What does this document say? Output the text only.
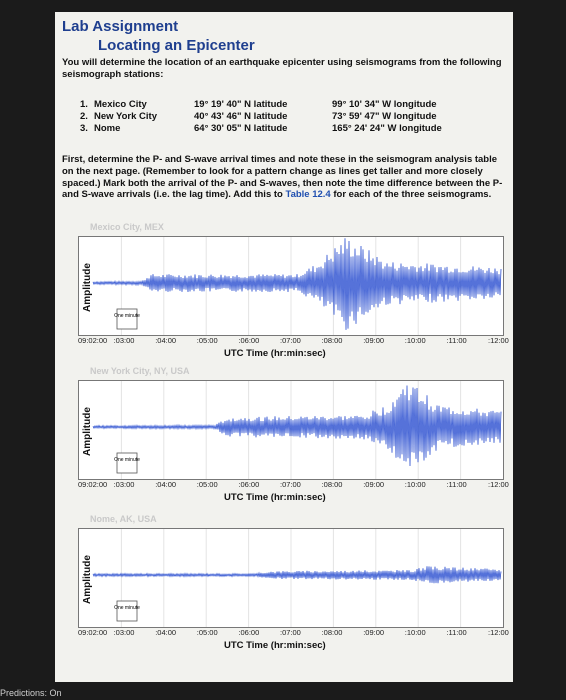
Lab Assignment
Locating an Epicenter
You will determine the location of an earthquake epicenter using seismograms from the following seismograph stations:
1. Mexico City	19° 19' 40" N latitude	99° 10' 34" W longitude
2. New York City	40° 43' 46" N latitude	73° 59' 47" W longitude
3. Nome	64° 30' 05" N latitude	165° 24' 24" W longitude
First, determine the P- and S-wave arrival times and note these in the seismogram analysis table on the next page. (Remember to look for a pattern change as lines get taller and more closely spaced.) Mark both the arrival of the P- and S-waves, then note the time difference between the P- and S-wave arrivals (i.e. the lag time). Add this to Table 12.4 for each of the three seismograms.
Mexico City, MEX
One minute
Amplitude
09:02:00 :03:00	:04:00	:05:00	:06:00	:07:00	:08:00	:09:00	:10:00	:11:00	:12:00
UTC Time (hr:min:sec)
New York City, NY, USA
One minute
Amplitude
09:02:00 :03:00	:04:00	:05:00	:06:00	:07:00	:08:00	:09:00	:10:00	:11:00	:12:00
UTC Time (hr:min:sec)
Nome, AK, USA
One minute
Amplitude
09:02:00 :03:00	:04:00	:05:00	:06:00	:07:00	:08:00	:09:00	:10:00	:11:00	:12:00
UTC Time (hr:min:sec)
Predictions: On
